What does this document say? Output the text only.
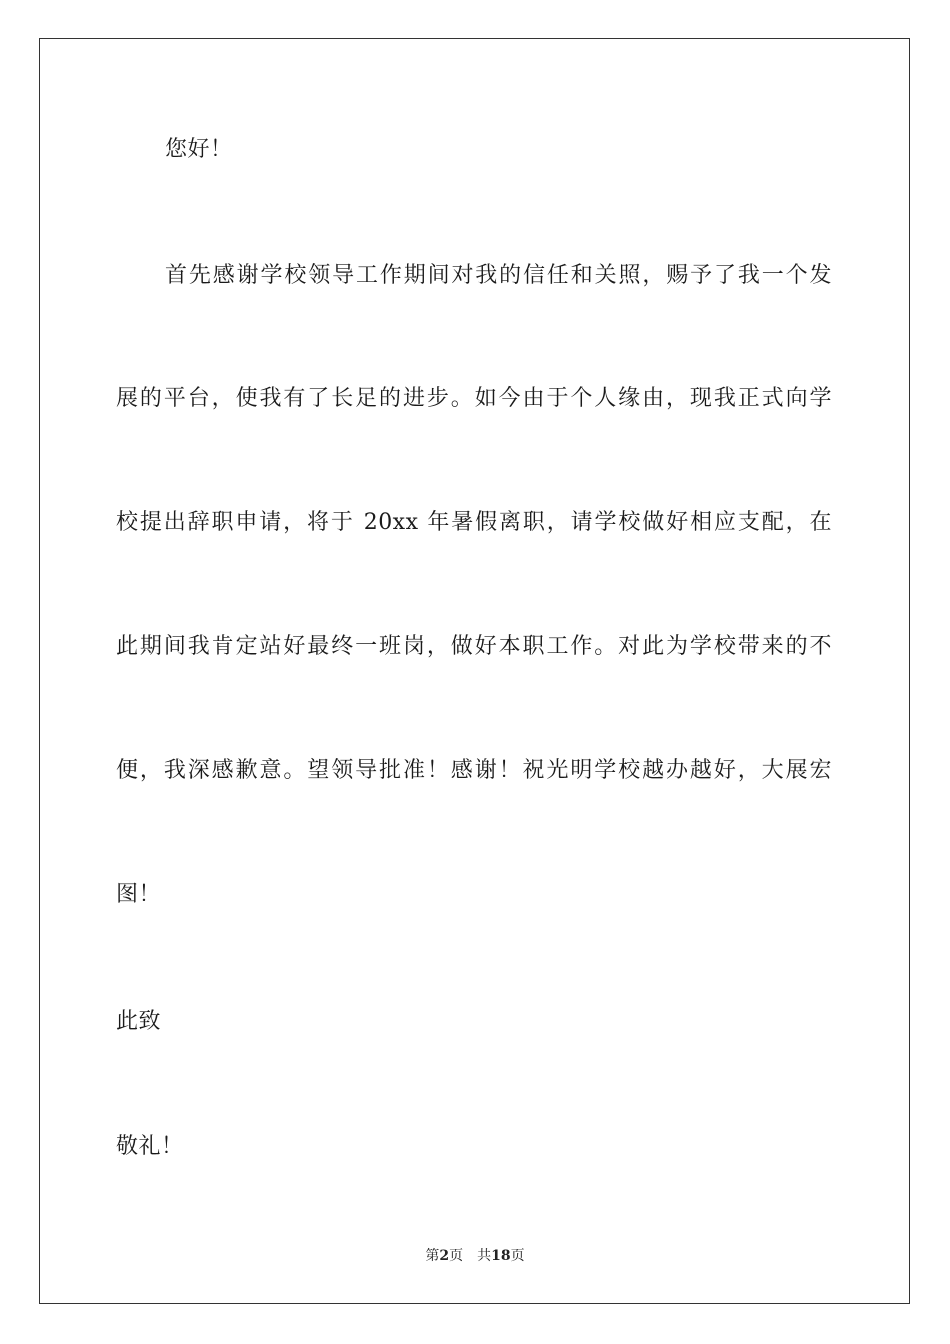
您好！
首先感谢学校领导工作期间对我的信任和关照，赐予了我一个发
展的平台，使我有了长足的进步。如今由于个人缘由，现我正式向学
校提出辞职申请，将于 20xx 年暑假离职，请学校做好相应支配，在
此期间我肯定站好最终一班岗，做好本职工作。对此为学校带来的不
便，我深感歉意。望领导批准！感谢！祝光明学校越办越好，大展宏
图！
此致
敬礼！
第2页 共18页
